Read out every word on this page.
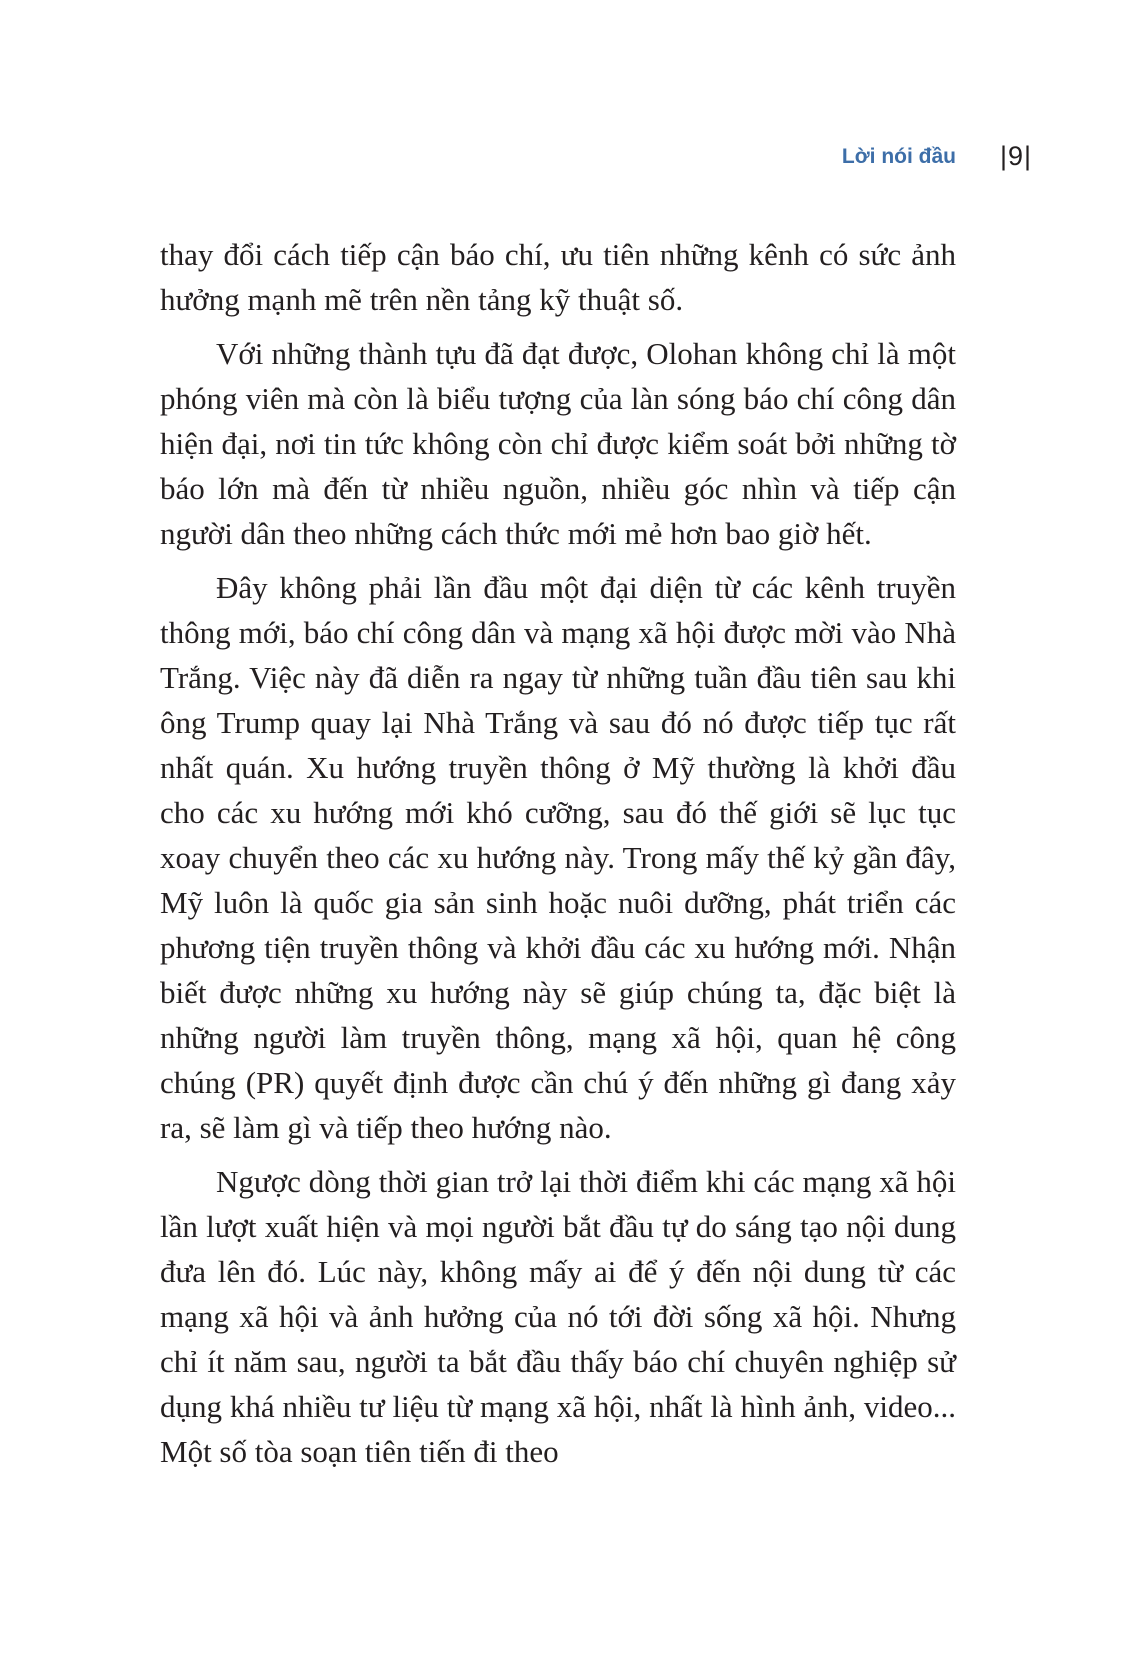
Lời nói đầu |9|

thay đổi cách tiếp cận báo chí, ưu tiên những kênh có sức ảnh hưởng mạnh mẽ trên nền tảng kỹ thuật số.

Với những thành tựu đã đạt được, Olohan không chỉ là một phóng viên mà còn là biểu tượng của làn sóng báo chí công dân hiện đại, nơi tin tức không còn chỉ được kiểm soát bởi những tờ báo lớn mà đến từ nhiều nguồn, nhiều góc nhìn và tiếp cận người dân theo những cách thức mới mẻ hơn bao giờ hết.

Đây không phải lần đầu một đại diện từ các kênh truyền thông mới, báo chí công dân và mạng xã hội được mời vào Nhà Trắng. Việc này đã diễn ra ngay từ những tuần đầu tiên sau khi ông Trump quay lại Nhà Trắng và sau đó nó được tiếp tục rất nhất quán. Xu hướng truyền thông ở Mỹ thường là khởi đầu cho các xu hướng mới khó cưỡng, sau đó thế giới sẽ lục tục xoay chuyển theo các xu hướng này. Trong mấy thế kỷ gần đây, Mỹ luôn là quốc gia sản sinh hoặc nuôi dưỡng, phát triển các phương tiện truyền thông và khởi đầu các xu hướng mới. Nhận biết được những xu hướng này sẽ giúp chúng ta, đặc biệt là những người làm truyền thông, mạng xã hội, quan hệ công chúng (PR) quyết định được cần chú ý đến những gì đang xảy ra, sẽ làm gì và tiếp theo hướng nào.

Ngược dòng thời gian trở lại thời điểm khi các mạng xã hội lần lượt xuất hiện và mọi người bắt đầu tự do sáng tạo nội dung đưa lên đó. Lúc này, không mấy ai để ý đến nội dung từ các mạng xã hội và ảnh hưởng của nó tới đời sống xã hội. Nhưng chỉ ít năm sau, người ta bắt đầu thấy báo chí chuyên nghiệp sử dụng khá nhiều tư liệu từ mạng xã hội, nhất là hình ảnh, video... Một số tòa soạn tiên tiến đi theo
